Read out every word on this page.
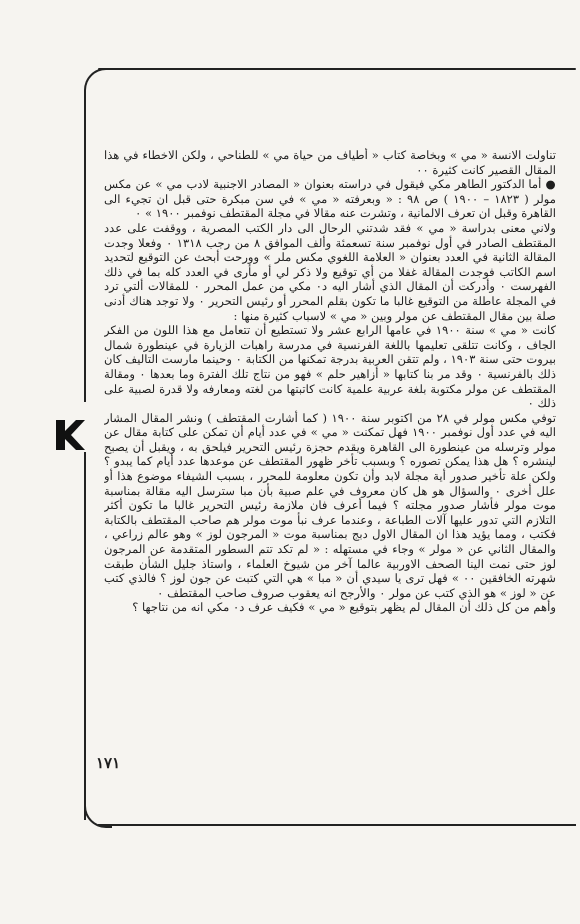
تناولت الانسة « مي » وبخاصة كتاب « أطياف من حياة مي » للطناحي ، ولكن الاخطاء في هذا المقال القصير كانت كثيرة ٠٠

● أما الدكتور الطاهر مكي فيقول في دراسته بعنوان « المصادر الاجنبية لادب مي » عن مكس مولر ( ١٨٢٣ – ١٩٠٠ ) ص ٩٨ : « وبعرفته « مي » في سن مبكرة حتى قبل ان تجيء الى القاهرة وقبل ان تعرف الالمانية ، وتشرت عنه مقالا في مجلة المقتطف نوفمبر ١٩٠٠ » ٠

ولاني معنى بدراسة « مي » فقد شدتني الرحال الى دار الكتب المصرية ، ووقفت على عدد المقتطف الصادر في أول نوفمبر سنة تسعمئة وألف الموافق ٨ من رجب ١٣١٨ ٠ وفعلا وجدت المقالة الثانية في العدد بعنوان « العلامة اللغوي مكس ملر » وورحت أبحث عن التوقيع لتحديد اسم الكاتب فوجدت المقالة غفلا من أي توقيع ولا ذكر لي أو مأرى في العدد كله بما في ذلك الفهرست ٠ وأدركت أن المقال الذي أشار اليه د٠ مكي من عمل المحرر ٠ للمقالات ألتي ترد في المجلة عاطلة من التوقيع غالبا ما تكون بقلم المحرر أو رئيس التحرير ٠ ولا توجد هناك أدنى صلة بين مقال المقتطف عن مولر وبين « مي » لاسباب كثيرة منها :

كانت « مي » سنة ١٩٠٠ في عامها الرابع عشر ولا تستطيع أن تتعامل مع هذا اللون من الفكر الجاف ، وكانت تتلقى تعليمها باللغة الفرنسية في مدرسة راهبات الزيارة في عينطورة شمال بيروت حتى سنة ١٩٠٣ ، ولم تتقن العربية بدرجة تمكنها من الكتابة ٠ وحينما مارست التاليف كان ذلك بالفرنسية ٠ وقد مر بنا كتابها « أزاهير حلم » فهو من نتاج تلك الفترة وما بعدها ٠ ومقالة المقتطف عن مولر مكتوبة بلغة عربية علمية كانت كاتبتها من لغته ومعارفه ولا قدرة لصبية على ذلك ٠

توفي مكس مولر في ٢٨ من اكتوبر سنة ١٩٠٠ ( كما أشارت المقتطف ) ونشر المقال المشار اليه في عدد أول نوفمبر ١٩٠٠ فهل تمكنت « مي » في عدد أيام أن تمكن على كتابة مقال عن مولر وترسله من عينطورة الى القاهرة ويقدم حجزة رئيس التحرير فيلحق به ، ويقبل أن يصبح لينشره ؟ هل هذا يمكن تصوره ؟ وبسبب تأخر ظهور المقتطف عن موعدها عدد أيام كما يبدو ؟ ولكن علة تأخير صدور أية مجلة لابد وأن تكون معلومة للمحرر ، بسبب الشيفاء موضوع هذا أو علل أخرى ٠ والسؤال هو هل كان معروف في علم صبية بأن مبا سترسل اليه مقالة بمناسبة موت مولر فأشار صدور مجلته ؟ فيما أعرف فان ملازمة رئيس التحرير غالبا ما تكون أكثر التلازم التي تدور عليها آلات الطباعة ، وعندما عرف نبأ موت مولر هم صاحب المقتطف بالكتابة فكتب ، ومما يؤيد هذا ان المقال الاول دبج بمناسبة موت « المرجون لوز » وهو عالم زراعي ، والمقال الثاني عن « مولر » وجاء في مستهله : « لم تكد تتم السطور المتقدمة عن المرجون لوز حتى نمت الينا الصحف الاوربية عالما آخر من شيوخ العلماء ، واستاذ جليل الشأن طبقت شهرته الخافقين ٠٠ » فهل ترى يا سيدي أن « مبا » هي التي كتبت عن جون لوز ؟ فالذي كتب عن « لوز » هو الذي كتب عن مولر ٠ والأرجح انه يعقوب صروف صاحب المقتطف ٠

وأهم من كل ذلك أن المقال لم يظهر بتوقيع « مي » فكيف عرف د٠ مكي انه من نتاجها ؟

١٧١
